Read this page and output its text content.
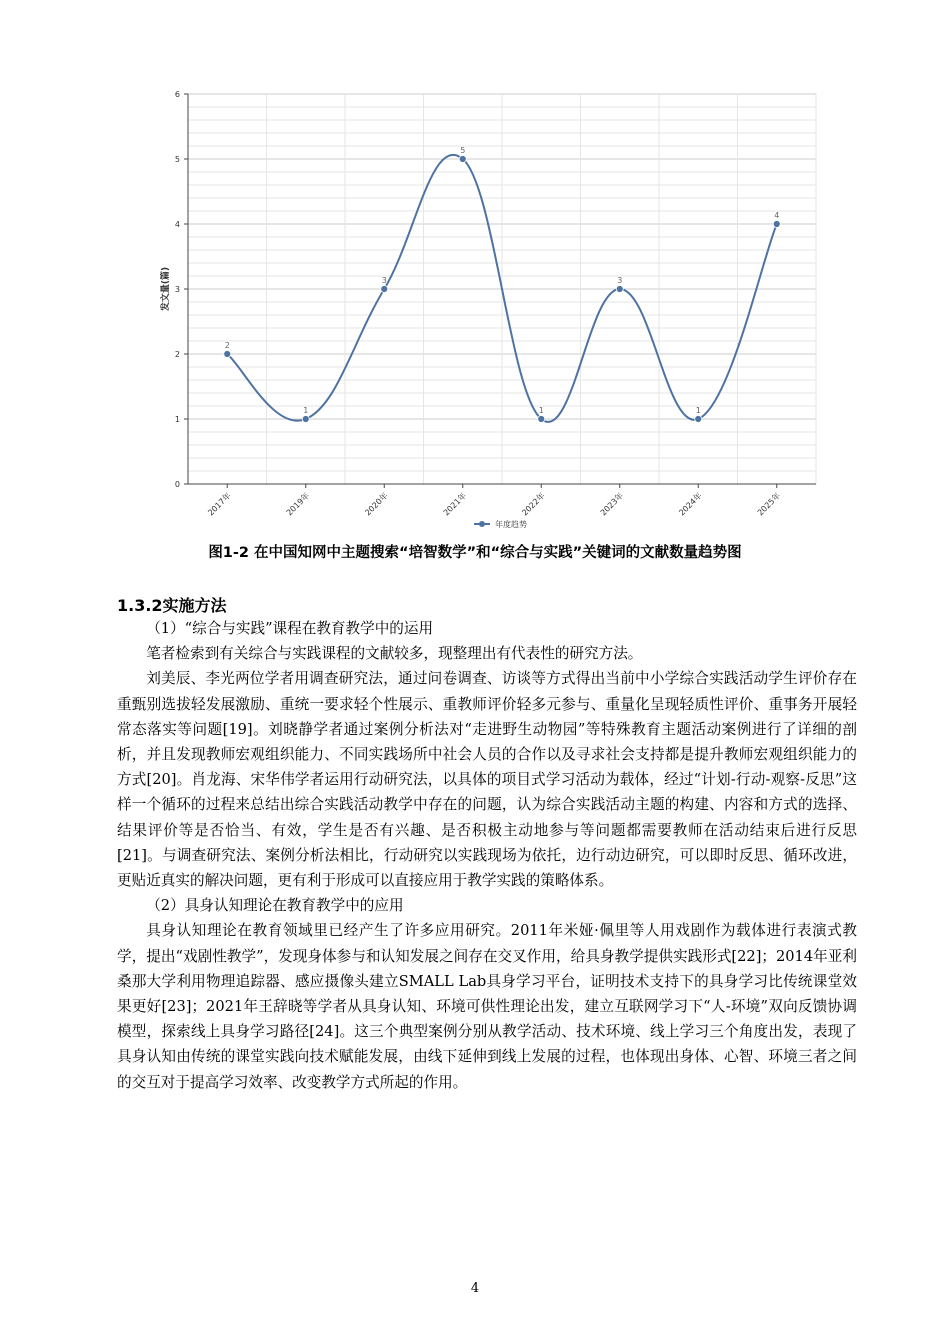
0
1
2
3
4
5
6
发文量(篇)
2017年	2019年	2020年	2021年	2022年	2023年	2024年	2025年
2
1
3
5
1
3
1
4
年度趋势
图1-2 在中国知网中主题搜索“培智数学”和“综合与实践”关键词的文献数量趋势图
1.3.2实施方法

（1）“综合与实践”课程在教育教学中的运用

笔者检索到有关综合与实践课程的文献较多，现整理出有代表性的研究方法。

刘美辰、李光两位学者用调查研究法，通过问卷调查、访谈等方式得出当前中小学综合实践活动学生评价存在重甄别选拔轻发展激励、重统一要求轻个性展示、重教师评价轻多元参与、重量化呈现轻质性评价、重事务开展轻常态落实等问题[19]。刘晓静学者通过案例分析法对“走进野生动物园”等特殊教育主题活动案例进行了详细的剖析，并且发现教师宏观组织能力、不同实践场所中社会人员的合作以及寻求社会支持都是提升教师宏观组织能力的方式[20]。肖龙海、宋华伟学者运用行动研究法，以具体的项目式学习活动为载体，经过“计划-行动-观察-反思”这样一个循环的过程来总结出综合实践活动教学中存在的问题，认为综合实践活动主题的构建、内容和方式的选择、结果评价等是否恰当、有效，学生是否有兴趣、是否积极主动地参与等问题都需要教师在活动结束后进行反思[21]。与调查研究法、案例分析法相比，行动研究以实践现场为依托，边行动边研究，可以即时反思、循环改进，更贴近真实的解决问题，更有利于形成可以直接应用于教学实践的策略体系。

（2）具身认知理论在教育教学中的应用

具身认知理论在教育领域里已经产生了许多应用研究。2011年米娅·佩里等人用戏剧作为载体进行表演式教学，提出“戏剧性教学”，发现身体参与和认知发展之间存在交叉作用，给具身教学提供实践形式[22]；2014年亚利桑那大学利用物理追踪器、感应摄像头建立SMALL Lab具身学习平台，证明技术支持下的具身学习比传统课堂效果更好[23]；2021年王辞晓等学者从具身认知、环境可供性理论出发，建立互联网学习下“人-环境”双向反馈协调模型，探索线上具身学习路径[24]。这三个典型案例分别从教学活动、技术环境、线上学习三个角度出发，表现了具身认知由传统的课堂实践向技术赋能发展，由线下延伸到线上发展的过程，也体现出身体、心智、环境三者之间的交互对于提高学习效率、改变教学方式所起的作用。

4
